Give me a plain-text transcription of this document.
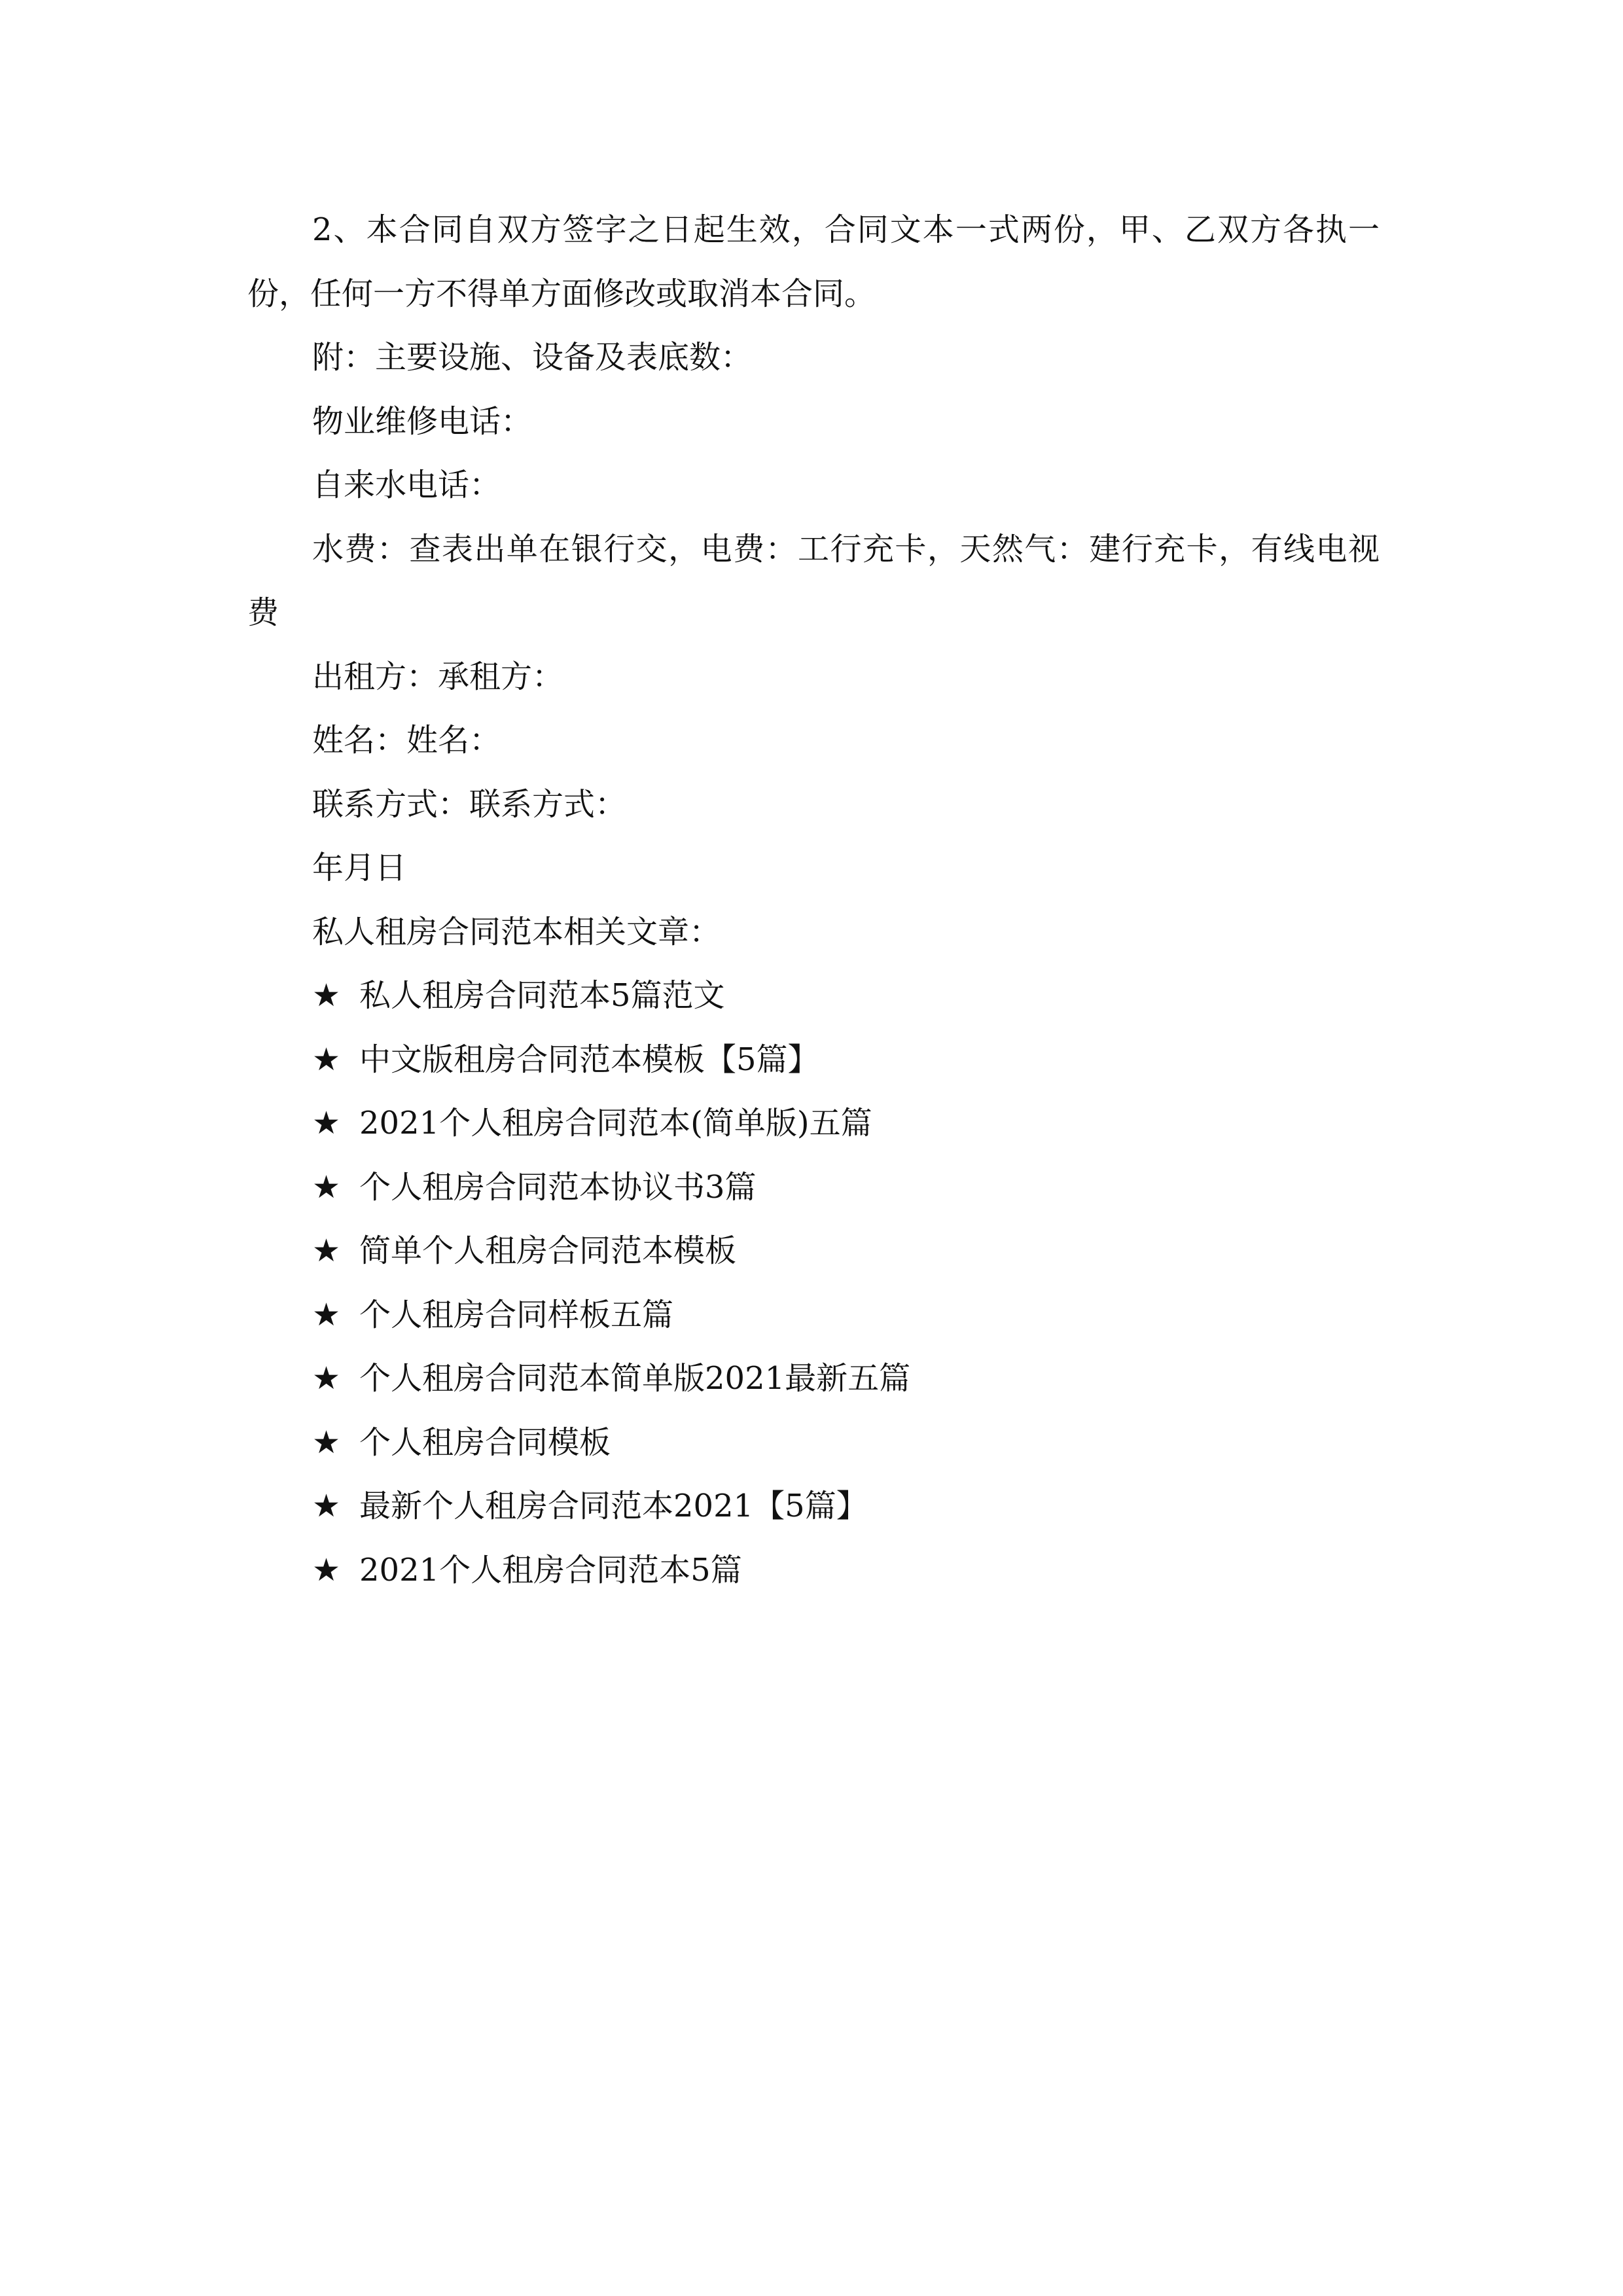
2、本合同自双方签字之日起生效，合同文本一式两份，甲、乙双方各执一份，任何一方不得单方面修改或取消本合同。

附：主要设施、设备及表底数：

物业维修电话：

自来水电话：

水费：查表出单在银行交，电费：工行充卡，天然气：建行充卡，有线电视费

出租方：承租方：

姓名：姓名：

联系方式：联系方式：

年月日

私人租房合同范本相关文章：

★ 私人租房合同范本5篇范文
★ 中文版租房合同范本模板【5篇】
★ 2021个人租房合同范本(简单版)五篇
★ 个人租房合同范本协议书3篇
★ 简单个人租房合同范本模板
★ 个人租房合同样板五篇
★ 个人租房合同范本简单版2021最新五篇
★ 个人租房合同模板
★ 最新个人租房合同范本2021【5篇】
★ 2021个人租房合同范本5篇
